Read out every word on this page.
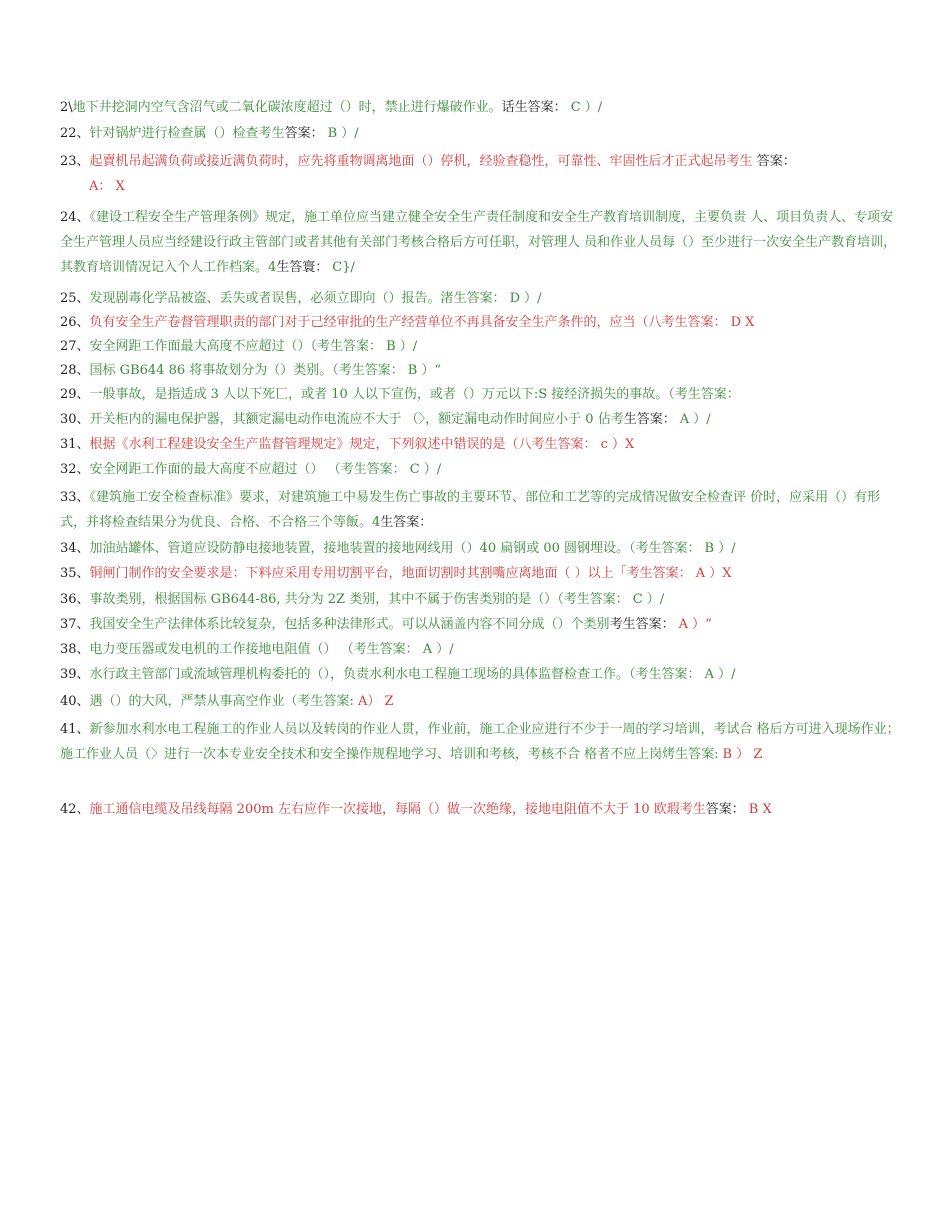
2\地下井挖洞内空气含沼气或二氧化碳浓度超过（）时，禁止进行爆破作业。话生答案： C ）/
22、针对锅炉进行检查属（）检查考生答案： B ）/
23、起賣机吊起满负荷或接近满负荷时，应先将重物调离地面（）停机，经验查稳性，可靠性、牢固性后才正式起吊考生 答案：
A： X
24、《建设工程安全生产管理条例》规定，施工单位应当建立健全安全生产责任制度和安全生产教育培训制度，主要负责 人、项目负责人、专项安全生产管理人员应当经建设行政主管部门或者其他有关部门考核合格后方可任职，对管理人 员和作业人员每（）至少进行一次安全生产教育培训，其教育培训情况记入个人工作档案。4生答寰： C}/
25、发现剧毒化学品被盗、丢失或者误售，必须立即向（）报告。渚生答案： D ）/
26、负有安全生产卷督管理职责的部门对于己经审批的生产经营单位不再具备安全生产条件的，应当（八考生答案： D X
27、安全网距工作面最大高度不应超过（）（考生答案： B ）/
28、国标 GB644 86 将事故划分为（）类别。（考生答案： B ）“
29、一般事故，是指适成 3 人以下死匸，或者 10 人以下宣伤，或者（）万元以下:S 接经济损失的事故。（考生答案：
30、开关柜内的漏电保护器，其额定漏电动作电流应不大于 （〉，额定漏电动作时间应小于 0 佔考生答案： A ）/
31、根据《水利工程建设安全生产监督管理规定》规定，下列叙述中错误的是（八考生答案： c ）X
32、安全网距工作面的最大高度不应超过（） （考生答案： C ）/
33、《建筑施工安全检查标准》要求，对建筑施工中易发生伤亡事故的主要环节、部位和工艺等的完成情况做安全检查评 价时，应采用（）有形式，并将检查结果分为优良、合格、不合格三个等飯。4生答案：
34、加油站罐体、管道应设防静电接地装置，接地装置的接地网线用（）40 扁钢或 00 圆钢埋设。（考生答案： B ）/
35、铜闸门制作的安全要求是：下料应采用专用切割平台，地面切割时其割嘴应离地面（ ）以上「考生答案： A ）X
36、事故类别，根据国标 GB644-86, 共分为 2Z 类别，其中不属于伤害类别的是（）（考生答案： C ）/
37、我国安全生产法律体系比较复杂，包括多种法律形式。可以从涵盖内容不同分成（）个类别考生答案： A ）“
38、电力变压器或发电机的工作接地电阻值（） （考生答案： A ）/
39、水行政主管部门或流域管理机构委托的（），负责水利水电工程施工现场的具体监督检查工作。（考生答案： A ）/
40、遇（）的大风，严禁从事高空作业（考生答案: A） Z
41、新参加水利水电工程施工的作业人员以及转岗的作业人贯，作业前，施工企业应进行不少于一周的学习培训，考试合 格后方可进入现场作业；施工作业人员（〉进行一次本专业安全技术和安全操作规程地学习、培训和考核，考核不合 格者不应上岗烤生答案: B ） Z
42、施工通信电缆及吊线每隔 200m 左右应作一次接地，每隔（）做一次绝缘，接地电阻值不大于 10 欧瑕考生答案： B X
